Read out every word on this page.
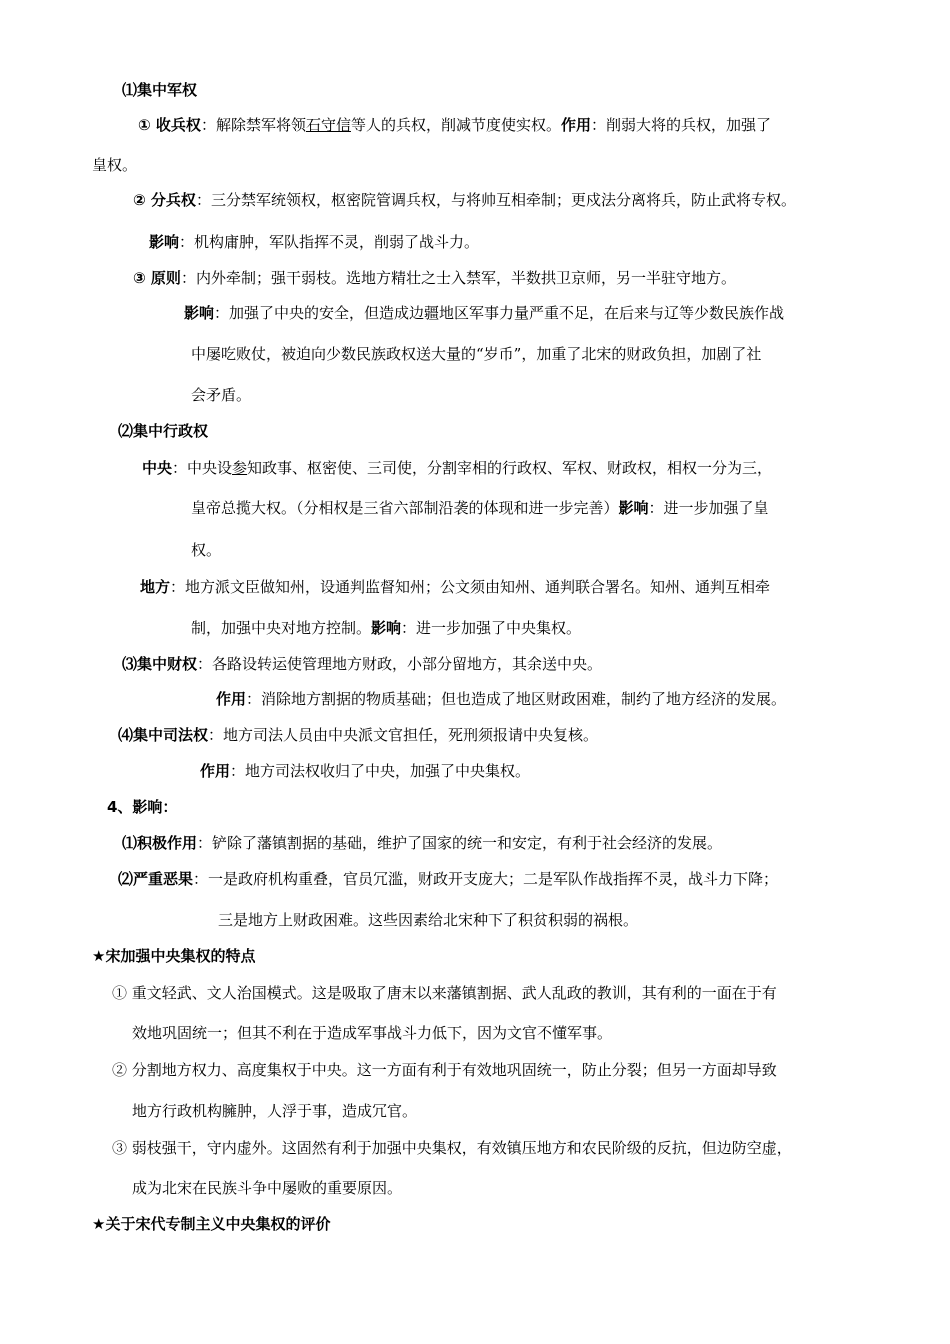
⑴集中军权
① 收兵权：解除禁军将领石守信等人的兵权，削减节度使实权。作用：削弱大将的兵权，加强了
皇权。
② 分兵权：三分禁军统领权，枢密院管调兵权，与将帅互相牵制；更戍法分离将兵，防止武将专权。
影响：机构庸肿，军队指挥不灵，削弱了战斗力。
③ 原则：内外牵制；强干弱枝。选地方精壮之士入禁军，半数拱卫京师，另一半驻守地方。
影响：加强了中央的安全，但造成边疆地区军事力量严重不足，在后来与辽等少数民族作战
中屡吃败仗，被迫向少数民族政权送大量的“岁币”，加重了北宋的财政负担，加剧了社
会矛盾。
⑵集中行政权
中央：中央设参知政事、枢密使、三司使，分割宰相的行政权、军权、财政权，相权一分为三，
皇帝总揽大权。（分相权是三省六部制沿袭的体现和进一步完善）影响：进一步加强了皇
权。
地方：地方派文臣做知州，设通判监督知州；公文须由知州、通判联合署名。知州、通判互相牵
制，加强中央对地方控制。影响：进一步加强了中央集权。
⑶集中财权：各路设转运使管理地方财政，小部分留地方，其余送中央。
作用：消除地方割据的物质基础；但也造成了地区财政困难，制约了地方经济的发展。
⑷集中司法权：地方司法人员由中央派文官担任，死刑须报请中央复核。
作用：地方司法权收归了中央，加强了中央集权。
4、影响：
⑴积极作用：铲除了藩镇割据的基础，维护了国家的统一和安定，有利于社会经济的发展。
⑵严重恶果：一是政府机构重叠，官员冗滥，财政开支庞大；二是军队作战指挥不灵，战斗力下降；
三是地方上财政困难。这些因素给北宋种下了积贫积弱的祸根。
★宋加强中央集权的特点
① 重文轻武、文人治国模式。这是吸取了唐末以来藩镇割据、武人乱政的教训，其有利的一面在于有
效地巩固统一；但其不利在于造成军事战斗力低下，因为文官不懂军事。
② 分割地方权力、高度集权于中央。这一方面有利于有效地巩固统一，防止分裂；但另一方面却导致
地方行政机构臃肿，人浮于事，造成冗官。
③ 弱枝强干，守内虚外。这固然有利于加强中央集权，有效镇压地方和农民阶级的反抗，但边防空虚，
成为北宋在民族斗争中屡败的重要原因。
★关于宋代专制主义中央集权的评价
